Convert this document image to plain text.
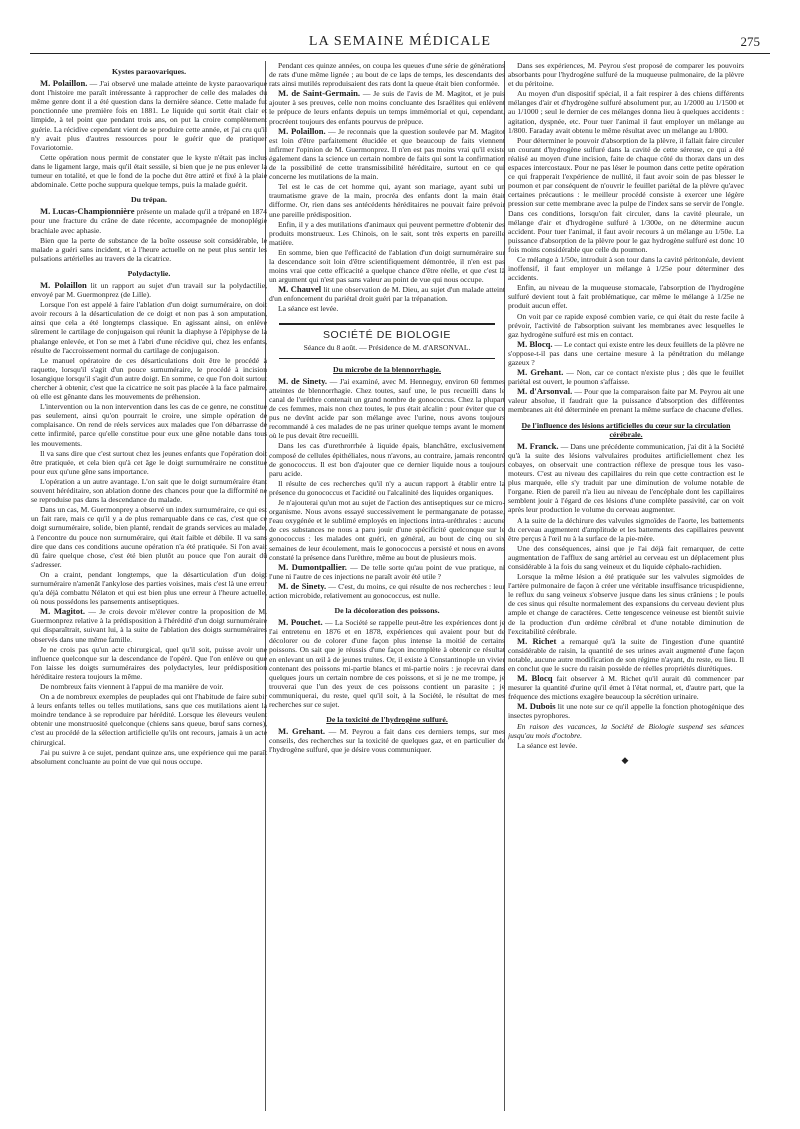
LA SEMAINE MÉDICALE	275

Kystes paraovariques.

M. Polaillon. — J'ai observé une malade atteinte de kyste paraovarique dont l'histoire me paraît intéressante à rapprocher de celle des malades du même genre dont il a été question dans la dernière séance. Cette malade fut ponctionnée une première fois en 1881. Le liquide qui sortit était clair et limpide, à tel point que pendant trois ans, on put la croire complètement guérie. La récidive cependant vient de se produire cette année, et j'ai cru qu'il n'y avait plus d'autres ressources pour le guérir que de pratiquer l'ovariotomie.

Cette opération nous permit de constater que le kyste n'était pas inclus dans le ligament large, mais qu'il était sessile, si bien que je ne pus enlever la tumeur en totalité, et que le fond de la poche dut être attiré et fixé à la plaie abdominale. Cette poche suppura quelque temps, puis la malade guérit.

Du trépan.

M. Lucas-Championnière présente un malade qu'il a trépané en 1874 pour une fracture du crâne de date récente, accompagnée de monoplégie brachiale avec aphasie.

Bien que la perte de substance de la boîte osseuse soit considérable, le malade a guéri sans incident, et à l'heure actuelle on ne peut plus sentir les pulsations artérielles au travers de la cicatrice.

Polydactylie.

M. Polaillon lit un rapport au sujet d'un travail sur la polydactilie, envoyé par M. Guermonprez (de Lille).

Lorsque l'on est appelé à faire l'ablation d'un doigt surnuméraire, on doit avoir recours à la désarticulation de ce doigt et non pas à son amputation, ainsi que cela a été longtemps classique. En agissant ainsi, on enlève sûrement le cartilage de conjugaison qui réunit la diaphyse à l'épiphyse de la phalange enlevée, et l'on se met à l'abri d'une récidive qui, chez les enfants, résulte de l'accroissement normal du cartilage de conjugaison.

Le manuel opératoire de ces désarticulations doit être le procédé à raquette, lorsqu'il s'agit d'un pouce surnuméraire, le procédé à incision losangique lorsqu'il s'agit d'un autre doigt. En somme, ce que l'on doit surtout chercher à obtenir, c'est que la cicatrice ne soit pas placée à la face palmaire, où elle est gênante dans les mouvements de préhension.

L'intervention ou la non intervention dans les cas de ce genre, ne constitue pas seulement, ainsi qu'on pourrait le croire, une simple opération de complaisance. On rend de réels services aux malades que l'on débarrasse de cette infirmité, parce qu'elle constitue pour eux une gêne notable dans tous les mouvements.

Il va sans dire que c'est surtout chez les jeunes enfants que l'opération doit être pratiquée, et cela bien qu'à cet âge le doigt surnuméraire ne constitue pour eux qu'une gêne sans importance.

L'opération a un autre avantage. L'on sait que le doigt surnuméraire étant souvent héréditaire, son ablation donne des chances pour que la difformité ne se reproduise pas dans la descendance du malade.

Dans un cas, M. Guermonprey a observé un index surnuméraire, ce qui est un fait rare, mais ce qu'il y a de plus remarquable dans ce cas, c'est que ce doigt surnuméraire, solide, bien planté, rendait de grands services au malade, à l'encontre du pouce non surnuméraire, qui était faible et débile. Il va sans dire que dans ces conditions aucune opération n'a été pratiquée. Si l'on avait dû faire quelque chose, c'est été bien plutôt au pouce que l'on aurait dû s'adresser.

On a craint, pendant longtemps, que la désarticulation d'un doigt surnuméraire n'amenât l'ankylose des parties voisines, mais c'est là une erreur qu'a déjà combattu Nélaton et qui est bien plus une erreur à l'heure actuelle, où nous possédons les pansements antiseptiques.

M. Magitot. — Je crois devoir m'élever contre la proposition de M. Guermonprez relative à la prédisposition à l'hérédité d'un doigt surnuméraire qui disparaîtrait, suivant lui, à la suite de l'ablation des doigts surnuméraires observés dans une même famille.

Je ne crois pas qu'un acte chirurgical, quel qu'il soit, puisse avoir une influence quelconque sur la descendance de l'opéré. Que l'on enlève ou que l'on laisse les doigts surnuméraires des polydactyles, leur prédisposition héréditaire restera toujours la même.

De nombreux faits viennent à l'appui de ma manière de voir.

On a de nombreux exemples de peuplades qui ont l'habitude de faire subir à leurs enfants telles ou telles mutilations, sans que ces mutilations aient la moindre tendance à se reproduire par hérédité. Lorsque les éleveurs veulent obtenir une monstruosité quelconque (chiens sans queue, bœuf sans cornes), c'est au procédé de la sélection artificielle qu'ils ont recours, jamais à un acte chirurgical.

J'ai pu suivre à ce sujet, pendant quinze ans, une expérience qui me paraît absolument concluante au point de vue qui nous occupe.

Pendant ces quinze années, on coupa les queues d'une série de générations de rats d'une même lignée ; au bout de ce laps de temps, les descendants des rats ainsi mutilés reproduisaient des rats dont la queue était bien conformée.

M. de Saint-Germain. — Je suis de l'avis de M. Magitot, et je puis ajouter à ses preuves, celle non moins concluante des Israélites qui enlèvent le prépuce de leurs enfants depuis un temps immémorial et qui, cependant, procréent toujours des enfants pourvus de prépuce.

M. Polaillon. — Je reconnais que la question soulevée par M. Magitot est loin d'être parfaitement élucidée et que beaucoup de faits viennent infirmer l'opinion de M. Guermonprez. Il n'en est pas moins vrai qu'il existe également dans la science un certain nombre de faits qui sont la confirmation de la possibilité de cette transmissibilité héréditaire, surtout en ce qui concerne les mutilations de la main.

Tel est le cas de cet homme qui, ayant son mariage, ayant subi un traumatisme grave de la main, procréa des enfants dont la main était difforme. Or, rien dans ses antécédents héréditaires ne pouvait faire prévoir une pareille prédisposition.

Enfin, il y a des mutilations d'animaux qui peuvent permettre d'obtenir des produits monstrueux. Les Chinois, on le sait, sont très experts en pareille matière.

En somme, bien que l'efficacité de l'ablation d'un doigt surnuméraire sur la descendance soit loin d'être scientifiquement démontrée, il n'en est pas moins vrai que cette efficacité a quelque chance d'être réelle, et que c'est là un argument qui n'est pas sans valeur au point de vue qui nous occupe.

M. Chauvel lit une observation de M. Dieu, au sujet d'un malade atteint d'un enfoncement du pariétal droit guéri par la trépanation.

La séance est levée.

SOCIÉTÉ DE BIOLOGIE

Séance du 8 août. — Présidence de M. d'ARSONVAL.

Du microbe de la blennorrhagie.

M. de Sinety. — J'ai examiné, avec M. Henneguy, environ 60 femmes atteintes de blennorrhagie. Chez toutes, sauf une, le pus recueilli dans le canal de l'urèthre contenait un grand nombre de gonococcus. Chez la plupart de ces femmes, mais non chez toutes, le pus était alcalin : pour éviter que ce pus ne devînt acide par son mélange avec l'urine, nous avons toujours recommandé à ces malades de ne pas uriner quelque temps avant le moment où le pus devait être recueilli.

Dans les cas d'urethrorrhée à liquide épais, blanchâtre, exclusivement composé de cellules épithéliales, nous n'avons, au contraire, jamais rencontré de gonococcus. Il est bon d'ajouter que ce dernier liquide nous a toujours paru acide.

Il résulte de ces recherches qu'il n'y a aucun rapport à établir entre la présence du gonococcus et l'acidité ou l'alcalinité des liquides organiques.

Je n'ajouterai qu'un mot au sujet de l'action des antiseptiques sur ce micro-organisme. Nous avons essayé successivement le permanganate de potasse, l'eau oxygénée et le sublimé employés en injections intra-uréthrales : aucune de ces substances ne nous a paru jouir d'une spécificité quelconque sur le gonococcus : les malades ont guéri, en général, au bout de cinq ou six semaines de leur écoulement, mais le gonococcus a persisté et nous en avons constaté la présence dans l'urèthre, même au bout de plusieurs mois.

M. Dumontpallier. — De telle sorte qu'au point de vue pratique, ni l'une ni l'autre de ces injections ne paraît avoir été utile ?

M. de Sinety. — C'est, du moins, ce qui résulte de nos recherches : leur action microbide, relativement au gonococcus, est nulle.

De la décoloration des poissons.

M. Pouchet. — La Société se rappelle peut-être les expériences dont je l'ai entretenu en 1876 et en 1878, expériences qui avaient pour but de décolorer ou de colorer d'une façon plus intense la moitié de certains poissons. On sait que je réussis d'une façon incomplète à obtenir ce résultat en enlevant un œil à de jeunes truites. Or, il existe à Constantinople un vivier contenant des poissons mi-partie blancs et mi-partie noirs : je recevrai dans quelques jours un certain nombre de ces poissons, et si je ne me trompe, je trouverai que l'un des yeux de ces poissons contient un parasite ; je communiquerai, du reste, quel qu'il soit, à la Société, le résultat de mes recherches sur ce sujet.

De la toxicité de l'hydrogène sulfuré.

M. Grehant. — M. Peyrou a fait dans ces derniers temps, sur mes conseils, des recherches sur la toxicité de quelques gaz, et en particulier de l'hydrogène sulfuré, que je désire vous communiquer.

Dans ses expériences, M. Peyrou s'est proposé de comparer les pouvoirs absorbants pour l'hydrogène sulfuré de la muqueuse pulmonaire, de la plèvre et du péritoine.

Au moyen d'un dispositif spécial, il a fait respirer à des chiens différents mélanges d'air et d'hydrogène sulfuré absolument pur, au 1/2000 au 1/1500 et au 1/1000 ; seul le dernier de ces mélanges donna lieu à quelques accidents : agitation, dyspnée, etc. Pour tuer l'animal il faut employer un mélange au 1/800. Faraday avait obtenu le même résultat avec un mélange au 1/800.

Pour déterminer le pouvoir d'absorption de la plèvre, il fallait faire circuler un courant d'hydrogène sulfuré dans la cavité de cette séreuse, ce qui a été réalisé au moyen d'une incision, faite de chaque côté du thorax dans un des espaces intercostaux. Pour ne pas léser le poumon dans cette petite opération ce qui frapperait l'expérience de nullité, il faut avoir soin de pas blesser le poumon et par conséquent de n'ouvrir le feuillet pariétal de la plèvre qu'avec certaines précautions : le meilleur procédé consiste à exercer une légère pression sur cette membrane avec la pulpe de l'index sans se servir de l'ongle. Dans ces conditions, lorsqu'on fait circuler, dans la cavité pleurale, un mélange d'air et d'hydrogène sulfuré à 1/300e, on ne détermine aucun accident. Pour tuer l'animal, il faut avoir recours à un mélange au 1/50e. La puissance d'absorption de la plèvre pour le gaz hydrogène sulfuré est donc 10 fois moins considérable que celle du poumon.

Ce mélange à 1/50e, introduit à son tour dans la cavité péritonéale, devient inoffensif, il faut employer un mélange à 1/25e pour déterminer des accidents.

Enfin, au niveau de la muqueuse stomacale, l'absorption de l'hydrogène sulfuré devient tout à fait problématique, car même le mélange à 1/25e ne produit aucun effet.

On voit par ce rapide exposé combien varie, ce qui était du reste facile à prévoir, l'activité de l'absorption suivant les membranes avec lesquelles le gaz hydrogène sulfuré est mis en contact.

M. Blocq. — Le contact qui existe entre les deux feuillets de la plèvre ne s'oppose-t-il pas dans une certaine mesure à la pénétration du mélange gazeux ?

M. Grehant. — Non, car ce contact n'existe plus ; dès que le feuillet pariétal est ouvert, le poumon s'affaisse.

M. d'Arsonval. — Pour que la comparaison faite par M. Peyrou ait une valeur absolue, il faudrait que la puissance d'absorption des différentes membranes ait été déterminée en prenant la même surface de chacune d'elles.

De l'influence des lésions artificielles du cœur sur la circulation cérébrale.

M. Franck. — Dans une précédente communication, j'ai dit à la Société qu'à la suite des lésions valvulaires produites artificiellement chez les cobayes, on observait une contraction réflexe de presque tous les vaso-moteurs. C'est au niveau des capillaires du rein que cette contraction est le plus marquée, elle s'y traduit par une diminution de volume notable de l'organe. Rien de pareil n'a lieu au niveau de l'encéphale dont les capillaires semblent jouir à l'égard de ces lésions d'une complète passivité, car on voit après leur production le volume du cerveau augmenter.

A la suite de la déchirure des valvules sigmoïdes de l'aorte, les battements du cerveau augmentent d'amplitude et les battements des capillaires peuvent être perçus à l'œil nu à la surface de la pie-mère.

Une des conséquences, ainsi que je l'ai déjà fait remarquer, de cette augmentation de l'afflux de sang artériel au cerveau est un déplacement plus considérable à la fois du sang veineux et du liquide céphalo-rachidien.

Lorsque la même lésion a été pratiquée sur les valvules sigmoïdes de l'artère pulmonaire de façon à créer une véritable insuffisance tricuspidienne, le reflux du sang veineux s'observe jusque dans les sinus crâniens ; le pouls de ces sinus qui résulte normalement des expansions du cerveau devient plus ample et change de caractères. Cette tengescence veineuse est bientôt suivie de la production d'un œdème cérébral et d'une notable diminution de l'excitabilité cérébrale.

M. Richet a remarqué qu'à la suite de l'ingestion d'une quantité considérable de raisin, la quantité de ses urines avait augmenté d'une façon notable, aucune autre modification de son régime n'ayant, du reste, eu lieu. Il en conclut que le sucre du raisin possède de réelles propriétés diurétiques.

M. Blocq fait observer à M. Richet qu'il aurait dû commencer par mesurer la quantité d'urine qu'il émet à l'état normal, et, d'autre part, que la fréquence des mictions exagère beaucoup la sécrétion urinaire.

M. Dubois lit une note sur ce qu'il appelle la fonction photogénique des insectes pyrophores.

En raison des vacances, la Société de Biologie suspend ses séances jusqu'au mois d'octobre.

La séance est levée.

◆
